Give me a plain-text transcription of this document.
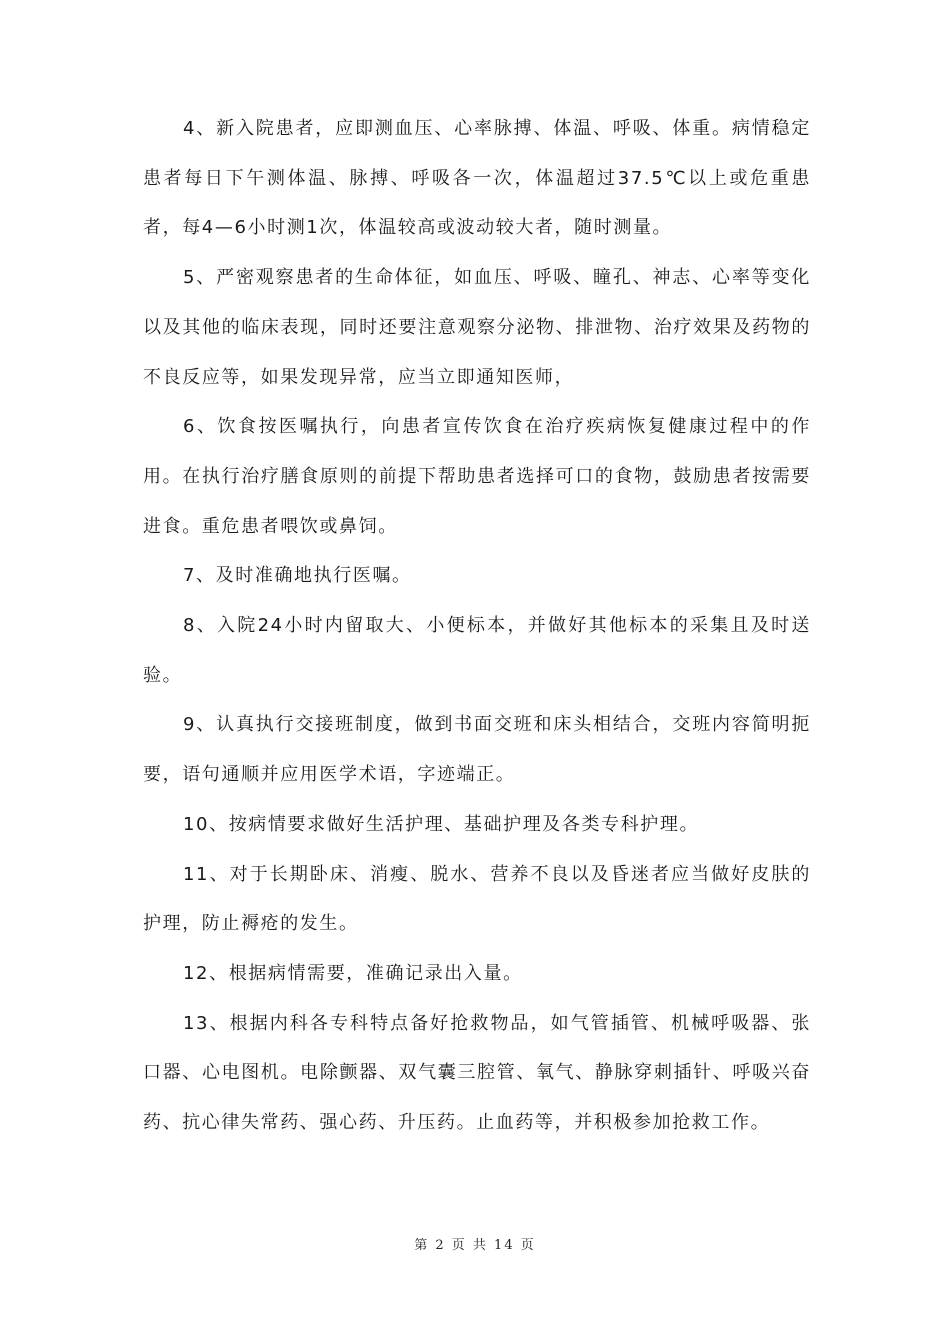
4、新入院患者，应即测血压、心率脉搏、体温、呼吸、体重。病情稳定患者每日下午测体温、脉搏、呼吸各一次，体温超过37.5℃以上或危重患者，每4—6小时测1次，体温较高或波动较大者，随时测量。

5、严密观察患者的生命体征，如血压、呼吸、瞳孔、神志、心率等变化以及其他的临床表现，同时还要注意观察分泌物、排泄物、治疗效果及药物的不良反应等，如果发现异常，应当立即通知医师，

6、饮食按医嘱执行，向患者宣传饮食在治疗疾病恢复健康过程中的作用。在执行治疗膳食原则的前提下帮助患者选择可口的食物，鼓励患者按需要进食。重危患者喂饮或鼻饲。

7、及时准确地执行医嘱。

8、入院24小时内留取大、小便标本，并做好其他标本的采集且及时送验。

9、认真执行交接班制度，做到书面交班和床头相结合，交班内容简明扼要，语句通顺并应用医学术语，字迹端正。

10、按病情要求做好生活护理、基础护理及各类专科护理。

11、对于长期卧床、消瘦、脱水、营养不良以及昏迷者应当做好皮肤的护理，防止褥疮的发生。

12、根据病情需要，准确记录出入量。

13、根据内科各专科特点备好抢救物品，如气管插管、机械呼吸器、张口器、心电图机。电除颤器、双气囊三腔管、氧气、静脉穿刺插针、呼吸兴奋药、抗心律失常药、强心药、升压药。止血药等，并积极参加抢救工作。

第 2 页 共 14 页
